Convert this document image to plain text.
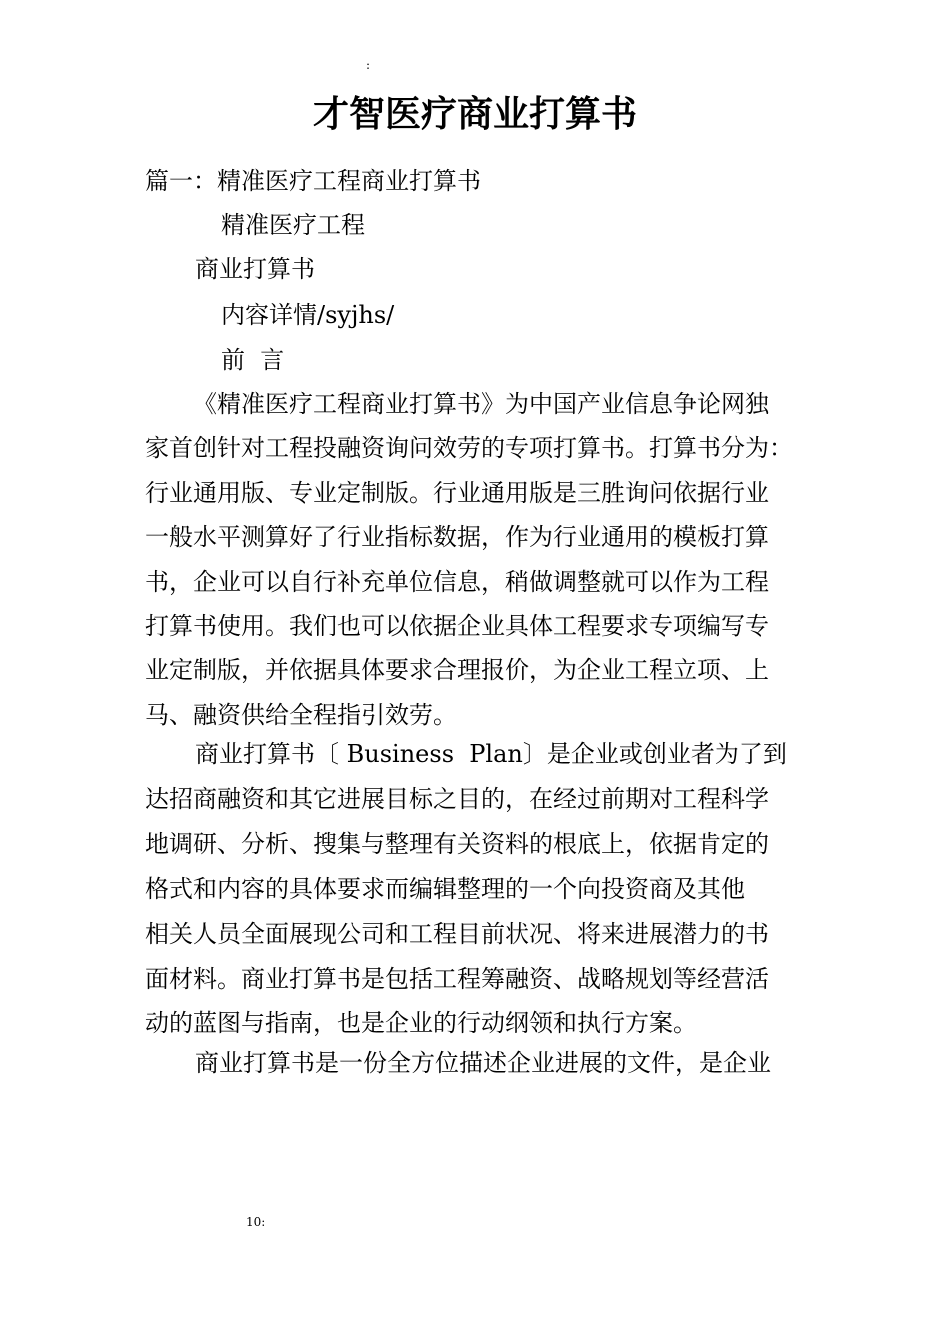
:
才智医疗商业打算书
篇一：精准医疗工程商业打算书
精准医疗工程
商业打算书
内容详情/syjhs/
前  言

《精准医疗工程商业打算书》为中国产业信息争论网独

家首创针对工程投融资询问效劳的专项打算书。打算书分为：

行业通用版、专业定制版。行业通用版是三胜询问依据行业

一般水平测算好了行业指标数据，作为行业通用的模板打算

书，企业可以自行补充单位信息，稍做调整就可以作为工程

打算书使用。我们也可以依据企业具体工程要求专项编写专

业定制版，并依据具体要求合理报价，为企业工程立项、上

马、融资供给全程指引效劳。

商业打算书〔 Business  Plan〕是企业或创业者为了到

达招商融资和其它进展目标之目的，在经过前期对工程科学

地调研、分析、搜集与整理有关资料的根底上，依据肯定的

格式和内容的具体要求而编辑整理的一个向投资商及其他

相关人员全面展现公司和工程目前状况、将来进展潜力的书

面材料。商业打算书是包括工程筹融资、战略规划等经营活

动的蓝图与指南，也是企业的行动纲领和执行方案。

商业打算书是一份全方位描述企业进展的文件，是企业
10:
